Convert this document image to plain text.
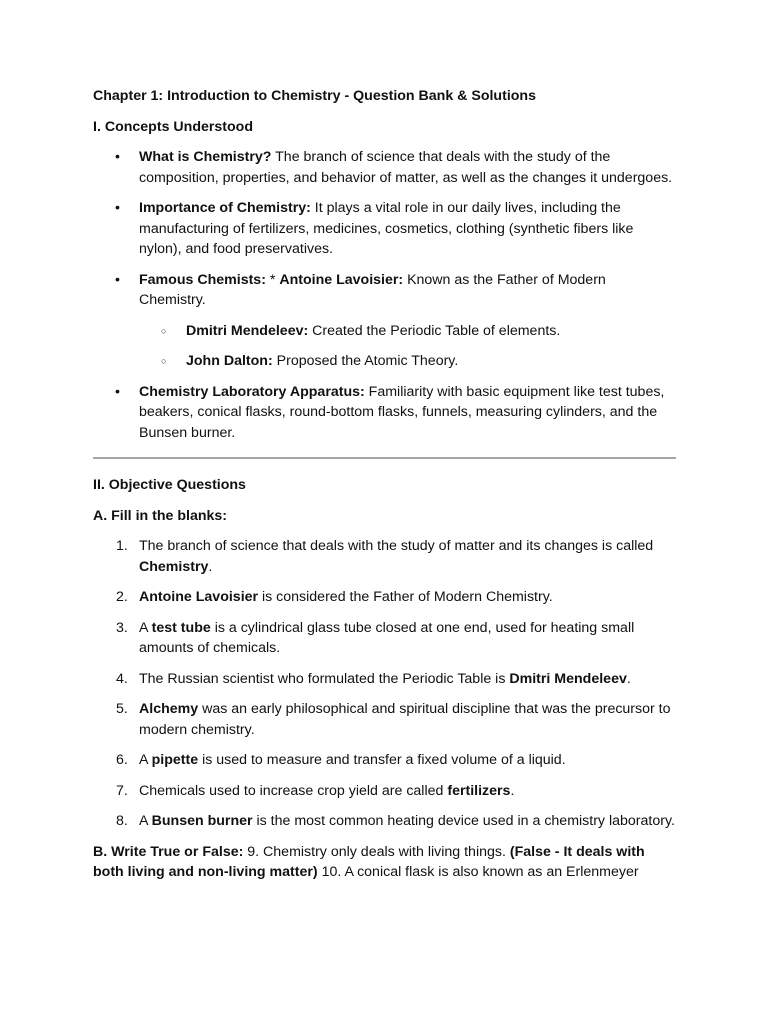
Chapter 1: Introduction to Chemistry - Question Bank & Solutions

I. Concepts Understood

• What is Chemistry? The branch of science that deals with the study of the composition, properties, and behavior of matter, as well as the changes it undergoes.
• Importance of Chemistry: It plays a vital role in our daily lives, including the manufacturing of fertilizers, medicines, cosmetics, clothing (synthetic fibers like nylon), and food preservatives.
• Famous Chemists: * Antoine Lavoisier: Known as the Father of Modern Chemistry.
○ Dmitri Mendeleev: Created the Periodic Table of elements.
○ John Dalton: Proposed the Atomic Theory.
• Chemistry Laboratory Apparatus: Familiarity with basic equipment like test tubes, beakers, conical flasks, round-bottom flasks, funnels, measuring cylinders, and the Bunsen burner.

II. Objective Questions

A. Fill in the blanks:

1. The branch of science that deals with the study of matter and its changes is called Chemistry.
2. Antoine Lavoisier is considered the Father of Modern Chemistry.
3. A test tube is a cylindrical glass tube closed at one end, used for heating small amounts of chemicals.
4. The Russian scientist who formulated the Periodic Table is Dmitri Mendeleev.
5. Alchemy was an early philosophical and spiritual discipline that was the precursor to modern chemistry.
6. A pipette is used to measure and transfer a fixed volume of a liquid.
7. Chemicals used to increase crop yield are called fertilizers.
8. A Bunsen burner is the most common heating device used in a chemistry laboratory.

B. Write True or False: 9. Chemistry only deals with living things. (False - It deals with both living and non-living matter) 10. A conical flask is also known as an Erlenmeyer
